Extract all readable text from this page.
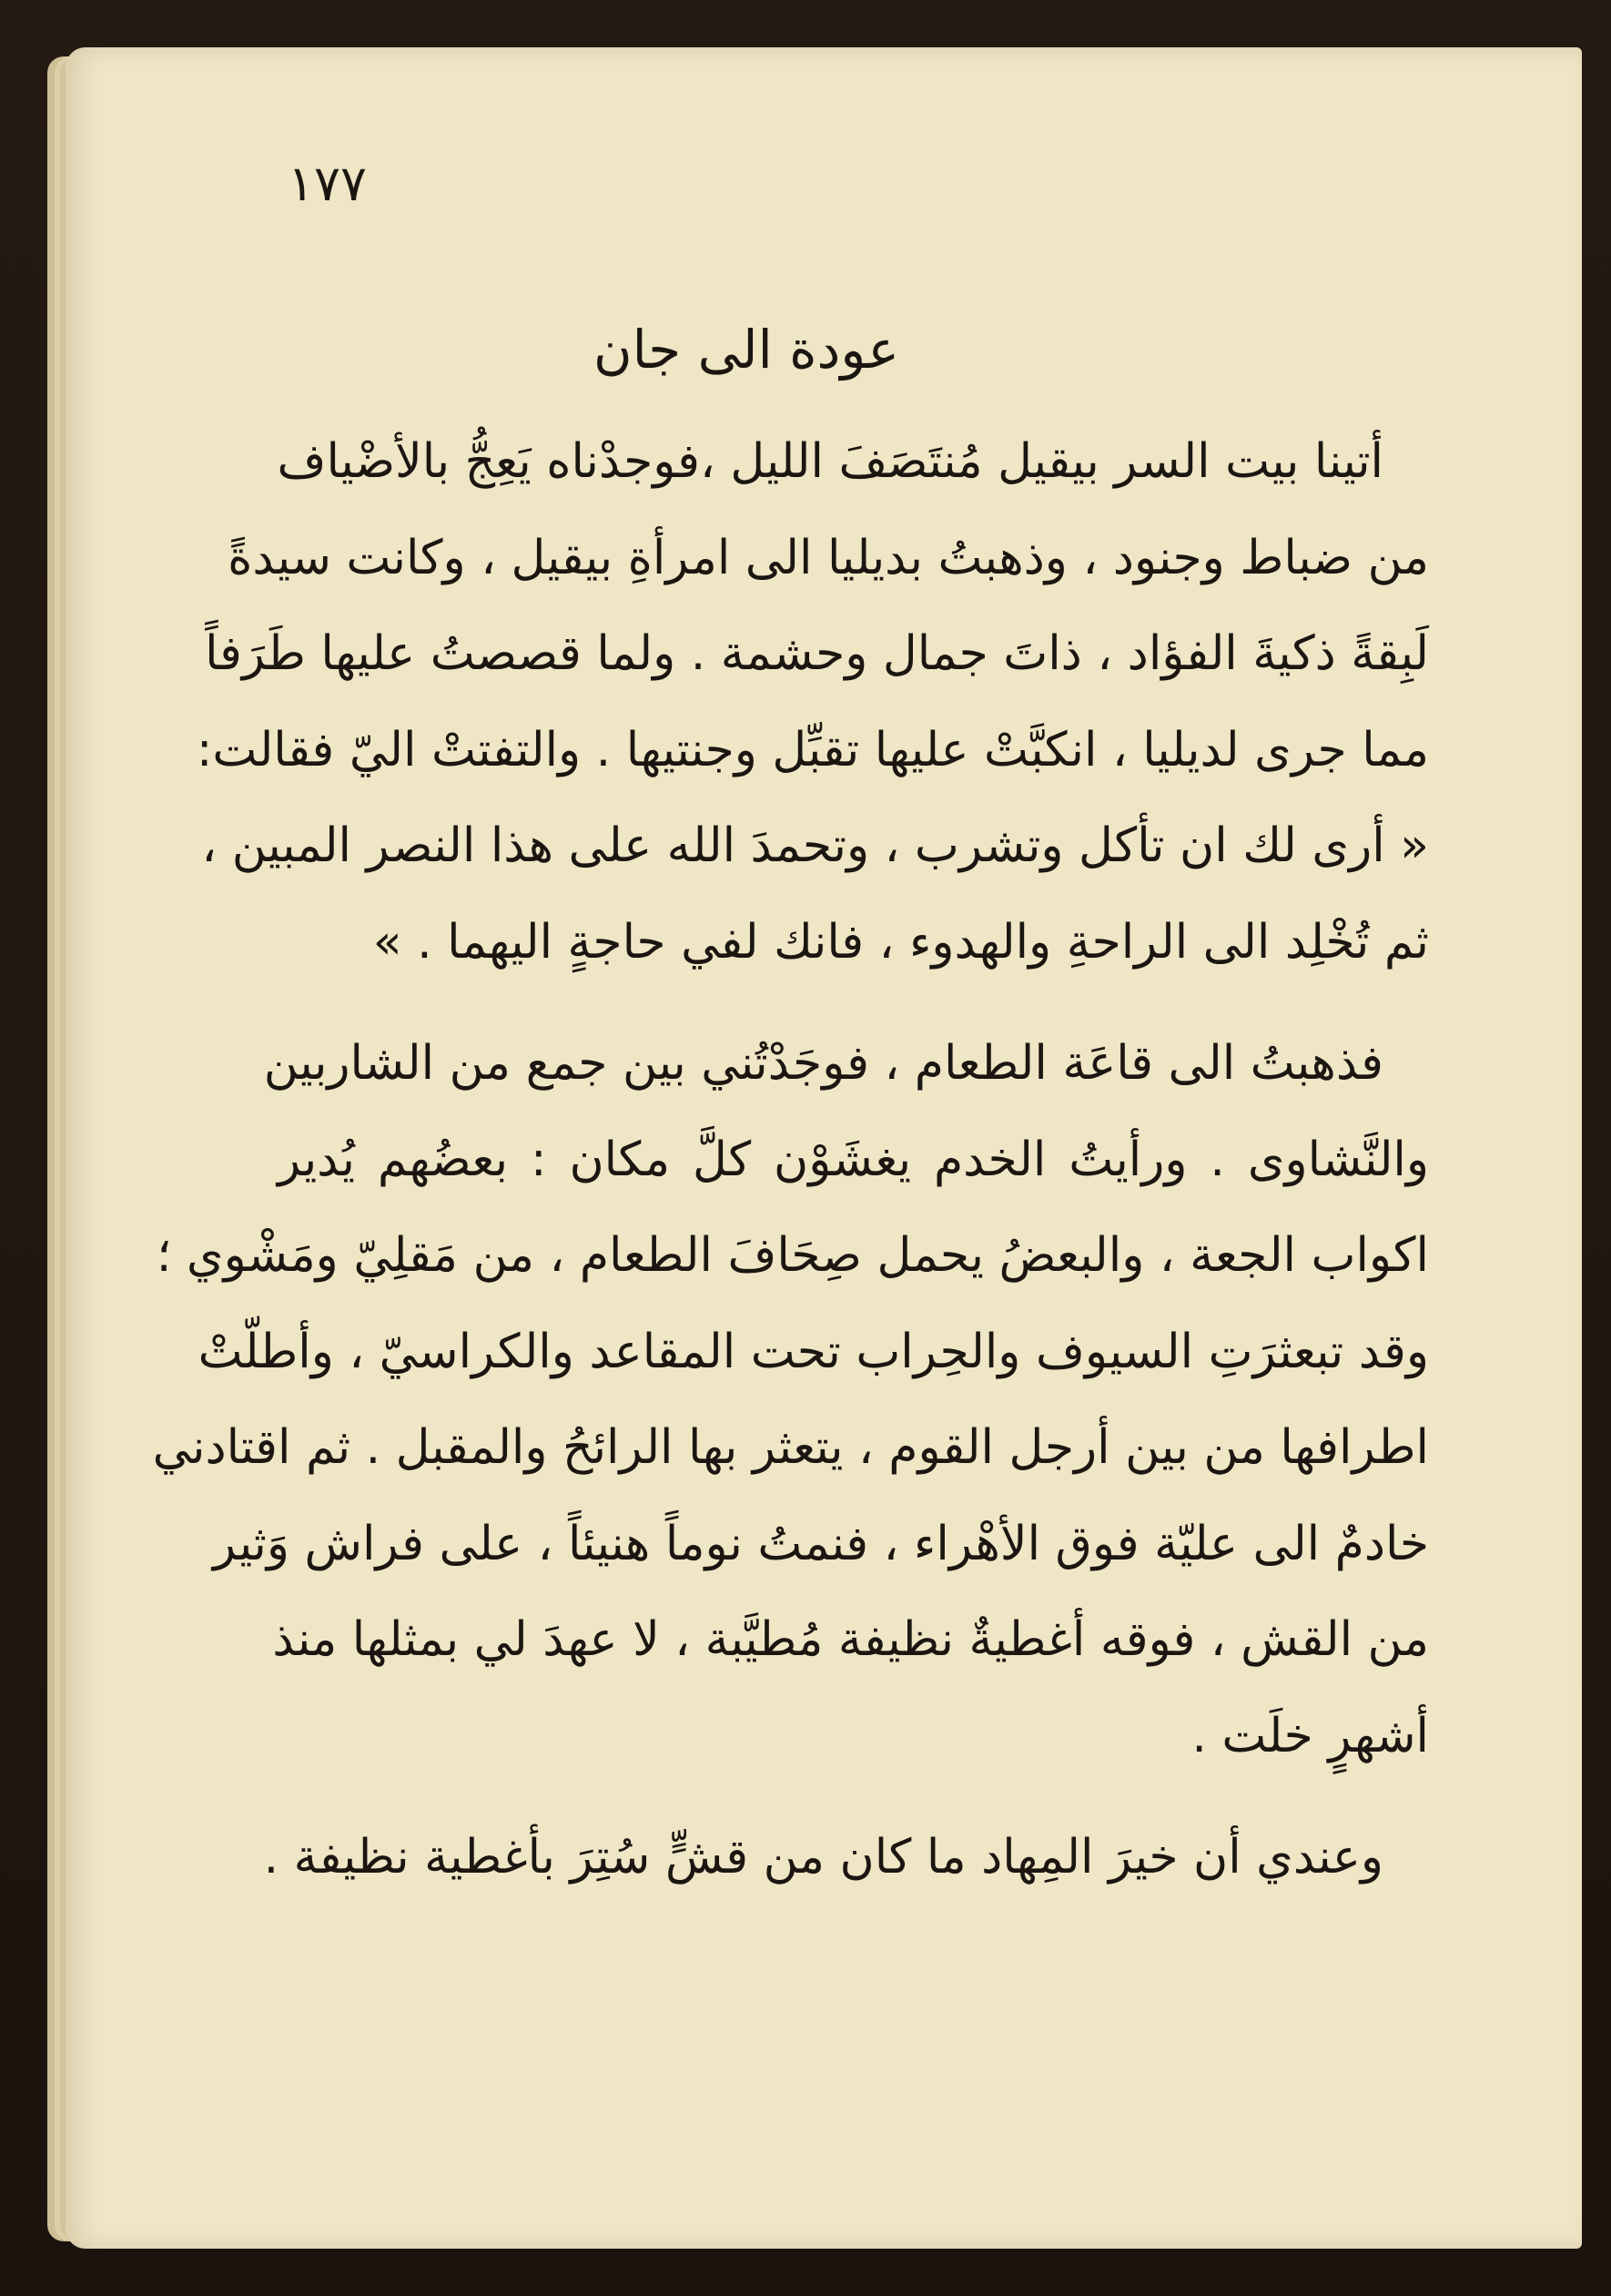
١٧٧
عودة الى جان
أتينا بيت السر بيقيل مُنتَصَفَ الليل ،فوجدْناه يَعِجُّ بالأضْياف
من ضباط وجنود ، وذهبتُ بديليا الى امرأةِ بيقيل ، وكانت سيدةً
لَبِقةً ذكيةَ الفؤاد ، ذاتَ جمال وحشمة . ولما قصصتُ عليها طَرَفاً
مما جرى لديليا ، انكبَّتْ عليها تقبِّل وجنتيها . والتفتتْ اليّ فقالت:
« أرى لك ان تأكل وتشرب ، وتحمدَ الله على هذا النصر المبين ،
ثم تُخْلِد الى الراحةِ والهدوء ، فانك لفي حاجةٍ اليهما . »
فذهبتُ الى قاعَة الطعام ، فوجَدْتُني بين جمع من الشاربين
والنَّشاوى . ورأيتُ الخدم يغشَوْن كلَّ مكان : بعضُهم يُدير
اكواب الجعة ، والبعضُ يحمل صِحَافَ الطعام ، من مَقلِيّ ومَشْوي ؛
وقد تبعثرَتِ السيوف والحِراب تحت المقاعد والكراسيّ ، وأطلّتْ
اطرافها من بين أرجل القوم ، يتعثر بها الرائحُ والمقبل . ثم اقتادني
خادمٌ الى عليّة فوق الأهْراء ، فنمتُ نوماً هنيئاً ، على فراش وَثير
من القش ، فوقه أغطيةٌ نظيفة مُطيَّبة ، لا عهدَ لي بمثلها منذ
أشهرٍ خلَت .
وعندي أن خيرَ المِهاد ما كان من قشٍّ سُتِرَ بأغطية نظيفة .
